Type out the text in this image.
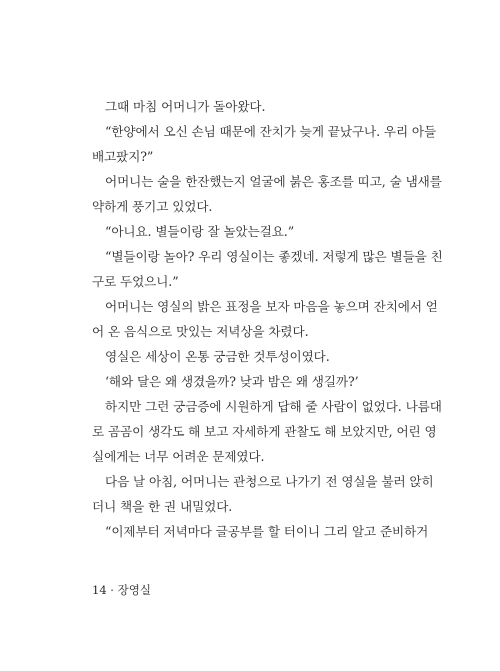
그때 마침 어머니가 돌아왔다.
“한양에서 오신 손님 때문에 잔치가 늦게 끝났구나. 우리 아들
배고팠지?”
어머니는 술을 한잔했는지 얼굴에 붉은 홍조를 띠고, 술 냄새를
약하게 풍기고 있었다.
“아니요. 별들이랑 잘 놀았는걸요.”
“별들이랑 놀아? 우리 영실이는 좋겠네. 저렇게 많은 별들을 친
구로 두었으니.”
어머니는 영실의 밝은 표정을 보자 마음을 놓으며 잔치에서 얻
어 온 음식으로 맛있는 저녁상을 차렸다.
영실은 세상이 온통 궁금한 것투성이였다.
‘해와 달은 왜 생겼을까? 낮과 밤은 왜 생길까?’
하지만 그런 궁금증에 시원하게 답해 줄 사람이 없었다. 나름대
로 곰곰이 생각도 해 보고 자세하게 관찰도 해 보았지만, 어린 영
실에게는 너무 어려운 문제였다.
다음 날 아침, 어머니는 관청으로 나가기 전 영실을 불러 앉히
더니 책을 한 권 내밀었다.
“이제부터 저녁마다 글공부를 할 터이니 그리 알고 준비하거
14 · 장영실
